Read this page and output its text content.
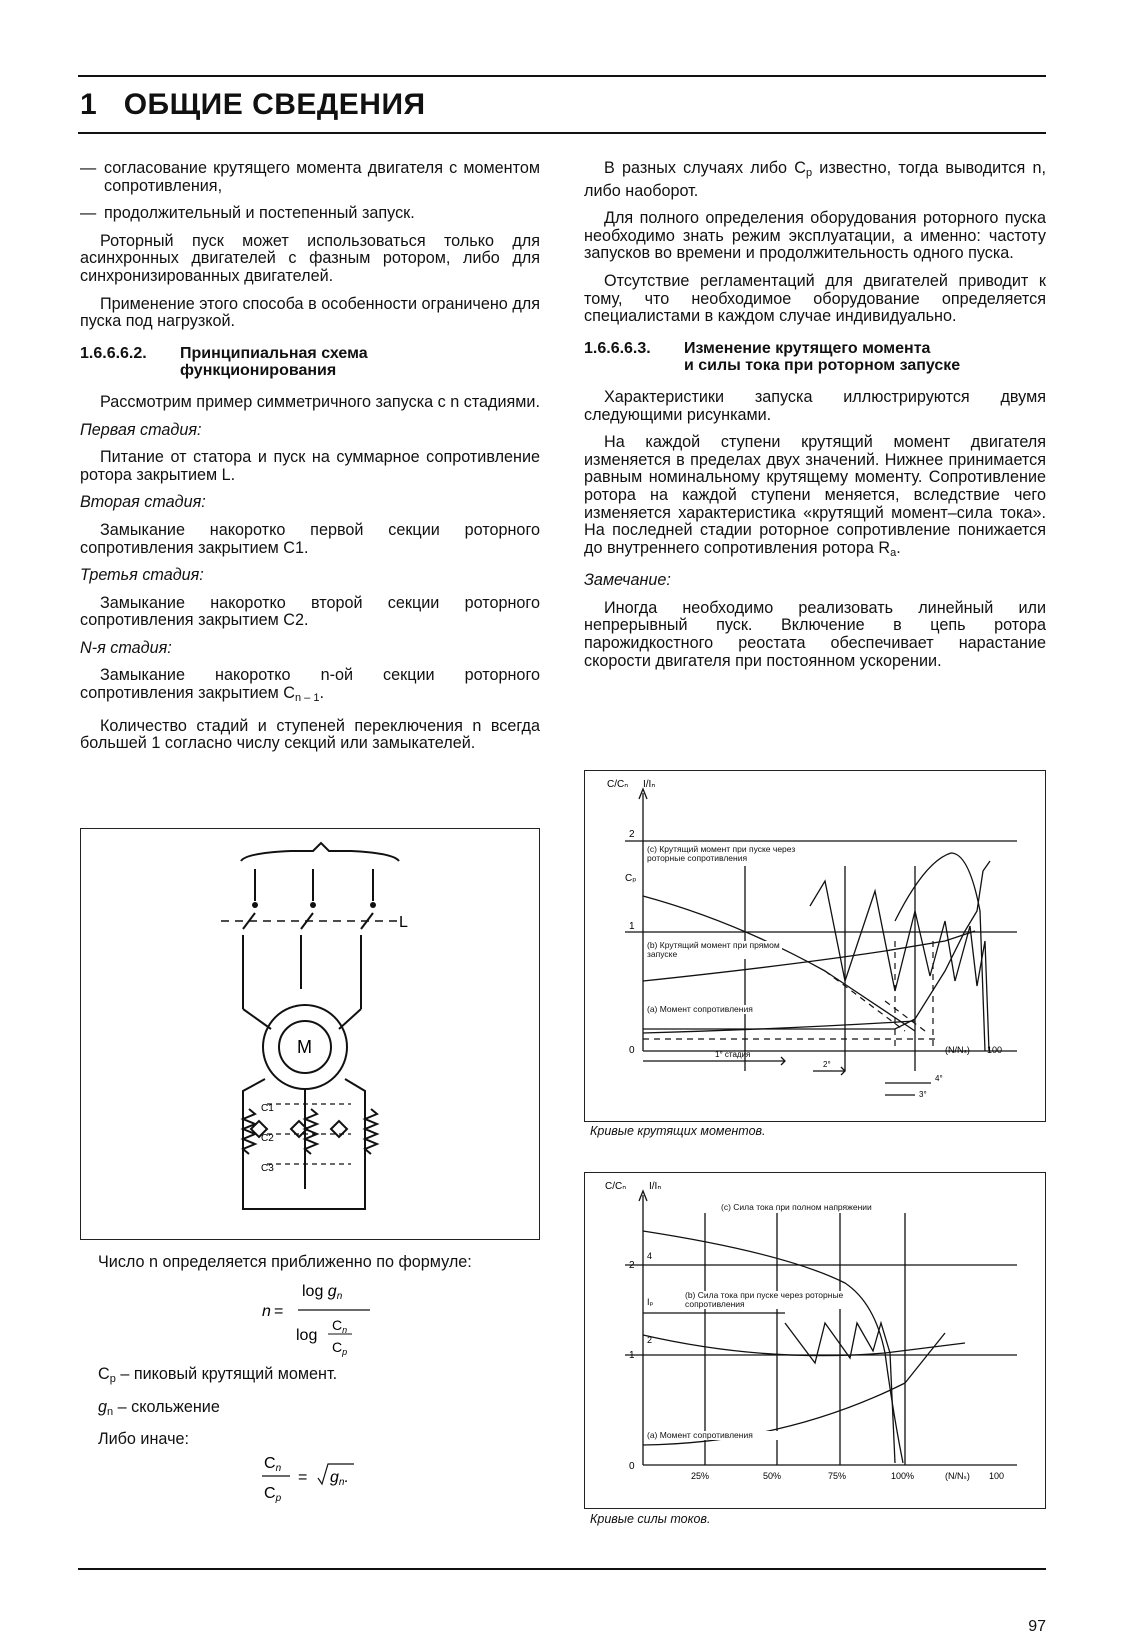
1 ОБЩИЕ СВЕДЕНИЯ

— согласование крутящего момента двигателя с моментом сопротивления,

— продолжительный и постепенный запуск.

Роторный пуск может использоваться только для асинхронных двигателей с фазным ротором, либо для синхронизированных двигателей.

Применение этого способа в особенности ограничено для пуска под нагрузкой.

1.6.6.6.2. Принципиальная схема
функционирования

Рассмотрим пример симметричного запуска с n стадиями.

Первая стадия:

Питание от статора и пуск на суммарное сопротивление ротора закрытием L.

Вторая стадия:

Замыкание накоротко первой секции роторного сопротивления закрытием C1.

Третья стадия:

Замыкание накоротко второй секции роторного сопротивления закрытием C2.

N-я стадия:

Замыкание накоротко n-ой секции роторного сопротивления закрытием $C_{n - 1}$.

Количество стадий и ступеней переключения n всегда большей 1 согласно числу секций или замыкателей.

L
M
C1
C2
C3

Число n определяется приближенно по формуле:

n =
log gn
log
$C_n$
$C_p$

$C_p$ – пиковый крутящий момент.

$g_n$ – скольжение

Либо иначе:

Cn
Cp
= gn.

В разных случаях либо $C_p$ известно, тогда выводится n, либо наоборот.

Для полного определения оборудования роторного пуска необходимо знать режим эксплуатации, а именно: частоту запусков во времени и продолжительность одного пуска.

Отсутствие регламентаций для двигателей приводит к тому, что необходимое оборудование определяется специалистами в каждом случае индивидуально.

1.6.6.6.3. Изменение крутящего момента
и силы тока при роторном запуске

Характеристики запуска иллюстрируются двумя следующими рисунками.

На каждой ступени крутящий момент двигателя изменяется в пределах двух значений. Нижнее принимается равным номинальному крутящему моменту. Сопротивление ротора на каждой ступени меняется, вследствие чего изменяется характеристика «крутящий момент–сила тока». На последней стадии роторное сопротивление понижается до внутреннего сопротивления ротора $R_a$.

Замечание:

Иногда необходимо реализовать линейный или непрерывный пуск. Включение в цепь ротора парожидкостного реостата обеспечивает нарастание скорости двигателя при постоянном ускорении.

C/Cₙ I/Iₙ
2
Cₚ
1
0	(N/Nₛ) 100
(c) Крутящий момент при пуске через роторные сопротивления
(b) Крутящий момент при прямом запуске
(a) Момент сопротивления
1° стадия
2°
4°
3°
Кривые крутящих моментов.
C/Cₙ I/Iₙ
2
1
0
4
Iₚ
2
25%	50%	75%	100%	(N/Nₛ) 100
(c) Сила тока при полном напряжении
(b) Сила тока при пуске через роторные сопротивления
(a) Момент сопротивления
Кривые силы токов.
97
